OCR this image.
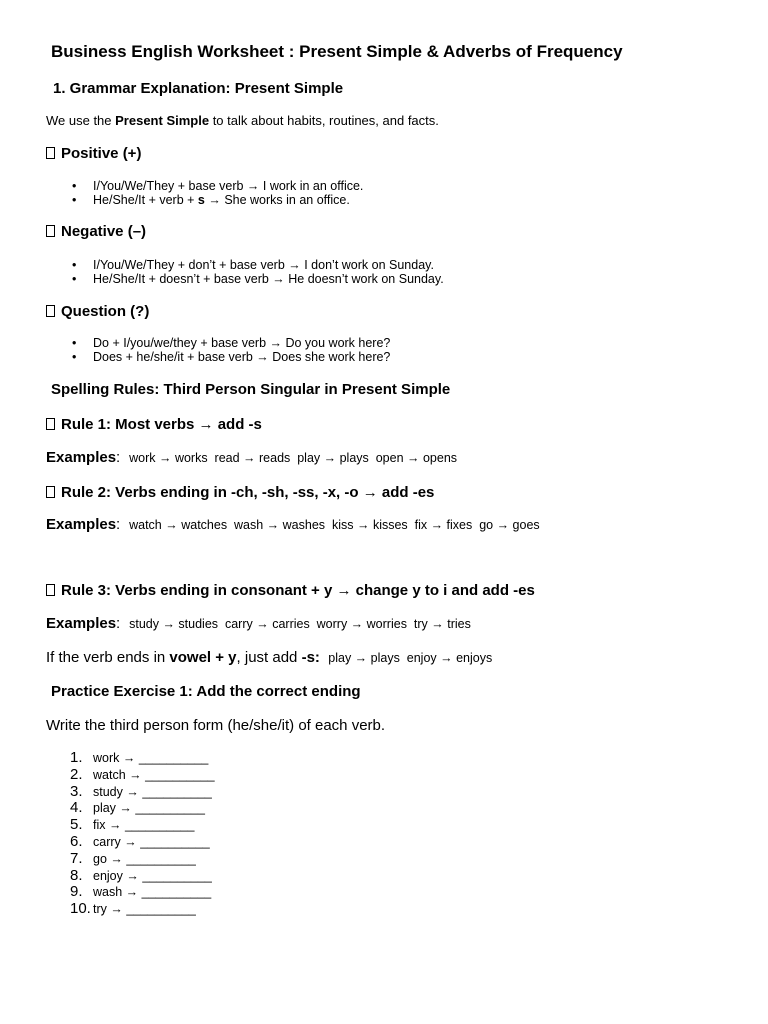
Business English Worksheet : Present Simple & Adverbs of Frequency
1. Grammar Explanation: Present Simple
We use the Present Simple to talk about habits, routines, and facts.
Positive (+)
• I/You/We/They + base verb → I work in an office.
• He/She/It + verb + s → She works in an office.
Negative (–)
• I/You/We/They + don’t + base verb → I don’t work on Sunday.
• He/She/It + doesn’t + base verb → He doesn’t work on Sunday.
Question (?)
• Do + I/you/we/they + base verb → Do you work here?
• Does + he/she/it + base verb → Does she work here?
Spelling Rules: Third Person Singular in Present Simple
Rule 1: Most verbs → add -s
Examples: work → works  read → reads  play → plays  open → opens
Rule 2: Verbs ending in -ch, -sh, -ss, -x, -o → add -es
Examples: watch → watches  wash → washes  kiss → kisses  fix → fixes  go → goes
Rule 3: Verbs ending in consonant + y → change y to i and add -es
Examples: study → studies  carry → carries  worry → worries  try → tries
If the verb ends in vowel + y, just add -s: play → plays  enjoy → enjoys
Practice Exercise 1: Add the correct ending
Write the third person form (he/she/it) of each verb.
1. work → __________
2. watch → __________
3. study → __________
4. play → __________
5. fix → __________
6. carry → __________
7. go → __________
8. enjoy → __________
9. wash → __________
10. try → __________
